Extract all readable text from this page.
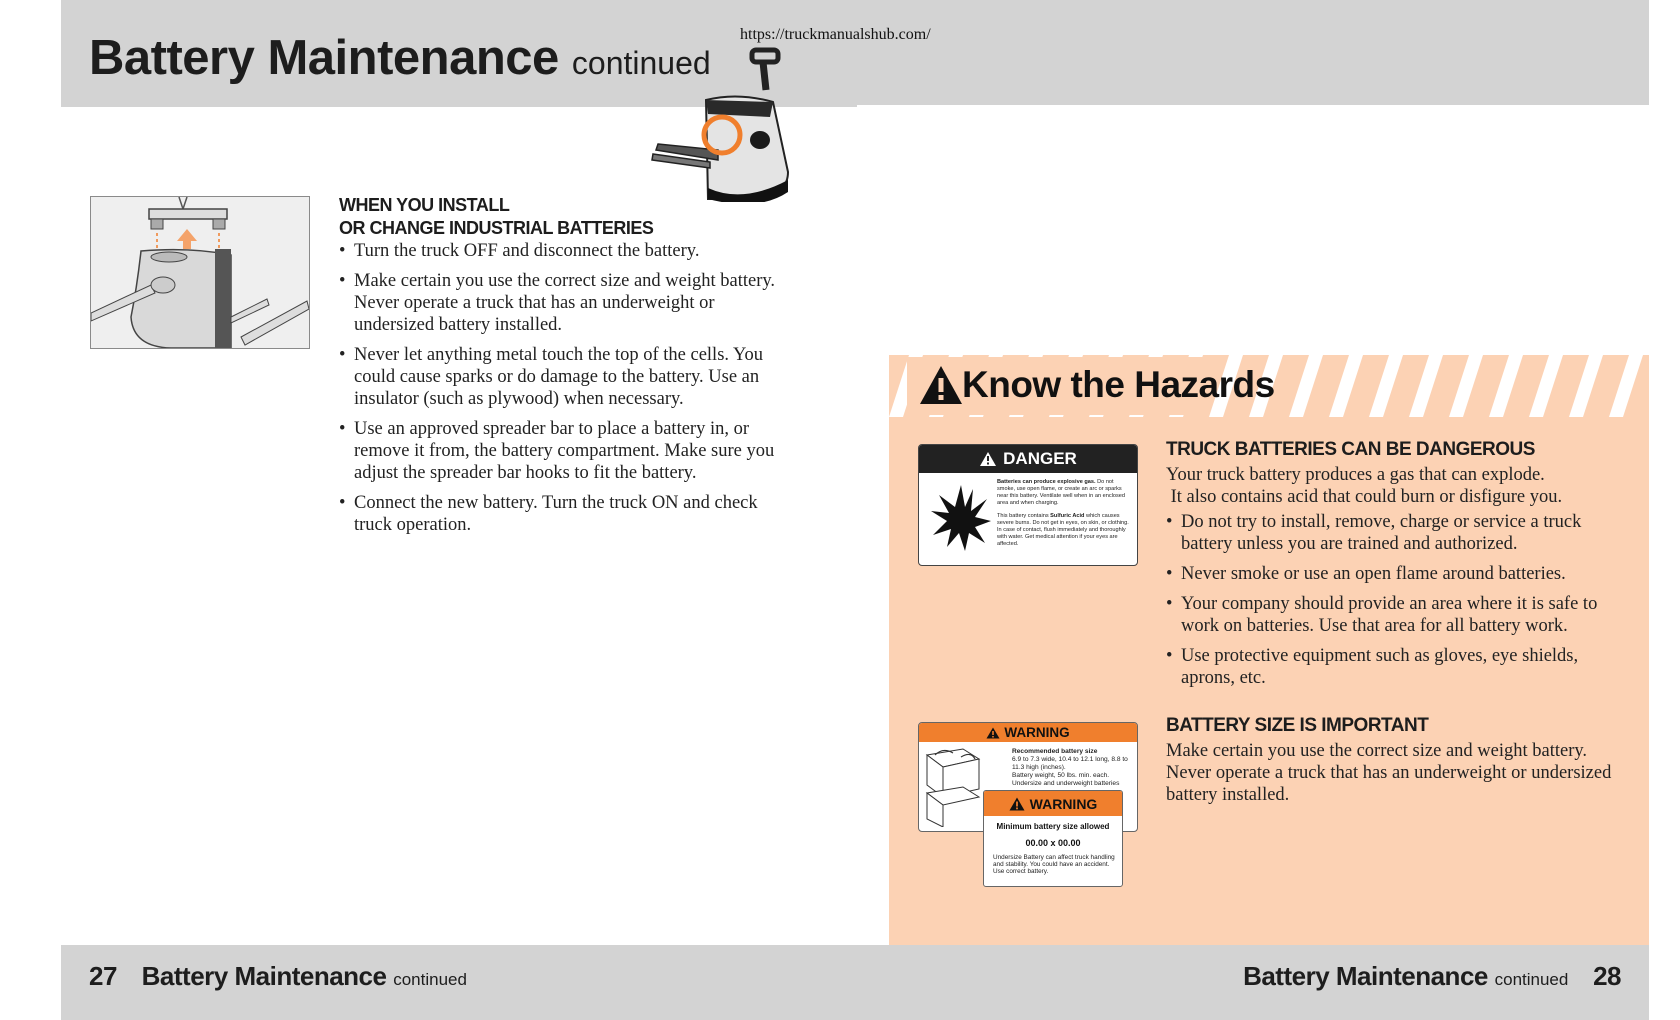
Battery Maintenance continued
https://truckmanualshub.com/
WHEN YOU INSTALL
OR CHANGE INDUSTRIAL BATTERIES
• Turn the truck OFF and disconnect the battery.
• Make certain you use the correct size and weight battery. Never operate a truck that has an underweight or undersized battery installed.
• Never let anything metal touch the top of the cells. You could cause sparks or do damage to the battery. Use an insulator (such as plywood) when necessary.
• Use an approved spreader bar to place a battery in, or remove it from, the battery compartment. Make sure you adjust the spreader bar hooks to fit the battery.
• Connect the new battery. Turn the truck ON and check truck operation.
Know the Hazards
DANGER
Batteries can produce explosive gas. Do not smoke, use open flame, or create an arc or sparks near this battery. Ventilate well when in an enclosed area and when charging.
This battery contains Sulfuric Acid which causes severe burns. Do not get in eyes, on skin, or clothing. In case of contact, flush immediately and thoroughly with water. Get medical attention if your eyes are affected.
WARNING
Recommended battery size
6.9 to 7.3 wide, 10.4 to 12.1 long, 8.8 to 11.3 high (inches).
Battery weight, 50 lbs. min. each.
Undersize and underweight batteries
WARNING
Minimum battery size allowed
00.00 x 00.00
Undersize Battery can affect truck handling and stability. You could have an accident. Use correct battery.
TRUCK BATTERIES CAN BE DANGEROUS
Your truck battery produces a gas that can explode.
It also contains acid that could burn or disfigure you.
• Do not try to install, remove, charge or service a truck battery unless you are trained and authorized.
• Never smoke or use an open flame around batteries.
• Your company should provide an area where it is safe to work on batteries. Use that area for all battery work.
• Use protective equipment such as gloves, eye shields, aprons, etc.
BATTERY SIZE IS IMPORTANT
Make certain you use the correct size and weight battery. Never operate a truck that has an underweight or undersized battery installed.
27 Battery Maintenance continued	Battery Maintenance continued 28
